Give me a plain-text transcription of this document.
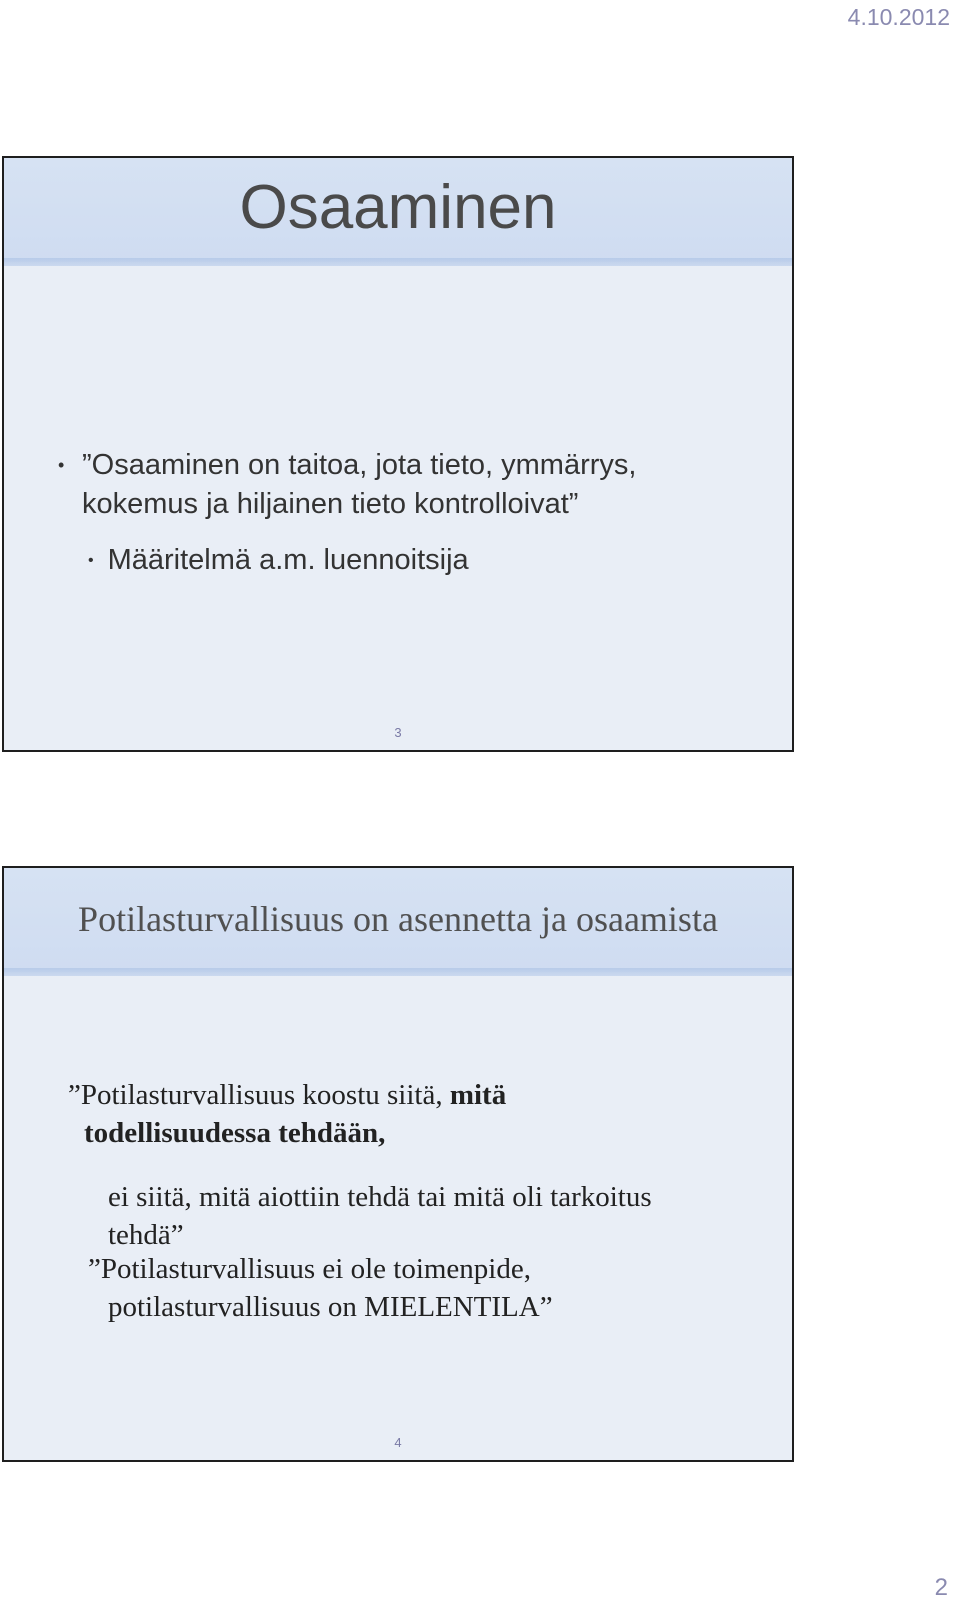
4.10.2012
Osaaminen
• ”Osaaminen on taitoa, jota tieto, ymmärrys, kokemus ja hiljainen tieto kontrolloivat”
• Määritelmä a.m. luennoitsija
3
Potilasturvallisuus on asennetta ja osaamista
”Potilasturvallisuus koostu siitä, mitä
todellisuudessa tehdään,
ei siitä, mitä aiottiin tehdä tai mitä oli tarkoitus
tehdä”
”Potilasturvallisuus ei ole toimenpide,
potilasturvallisuus on MIELENTILA”
4
2
